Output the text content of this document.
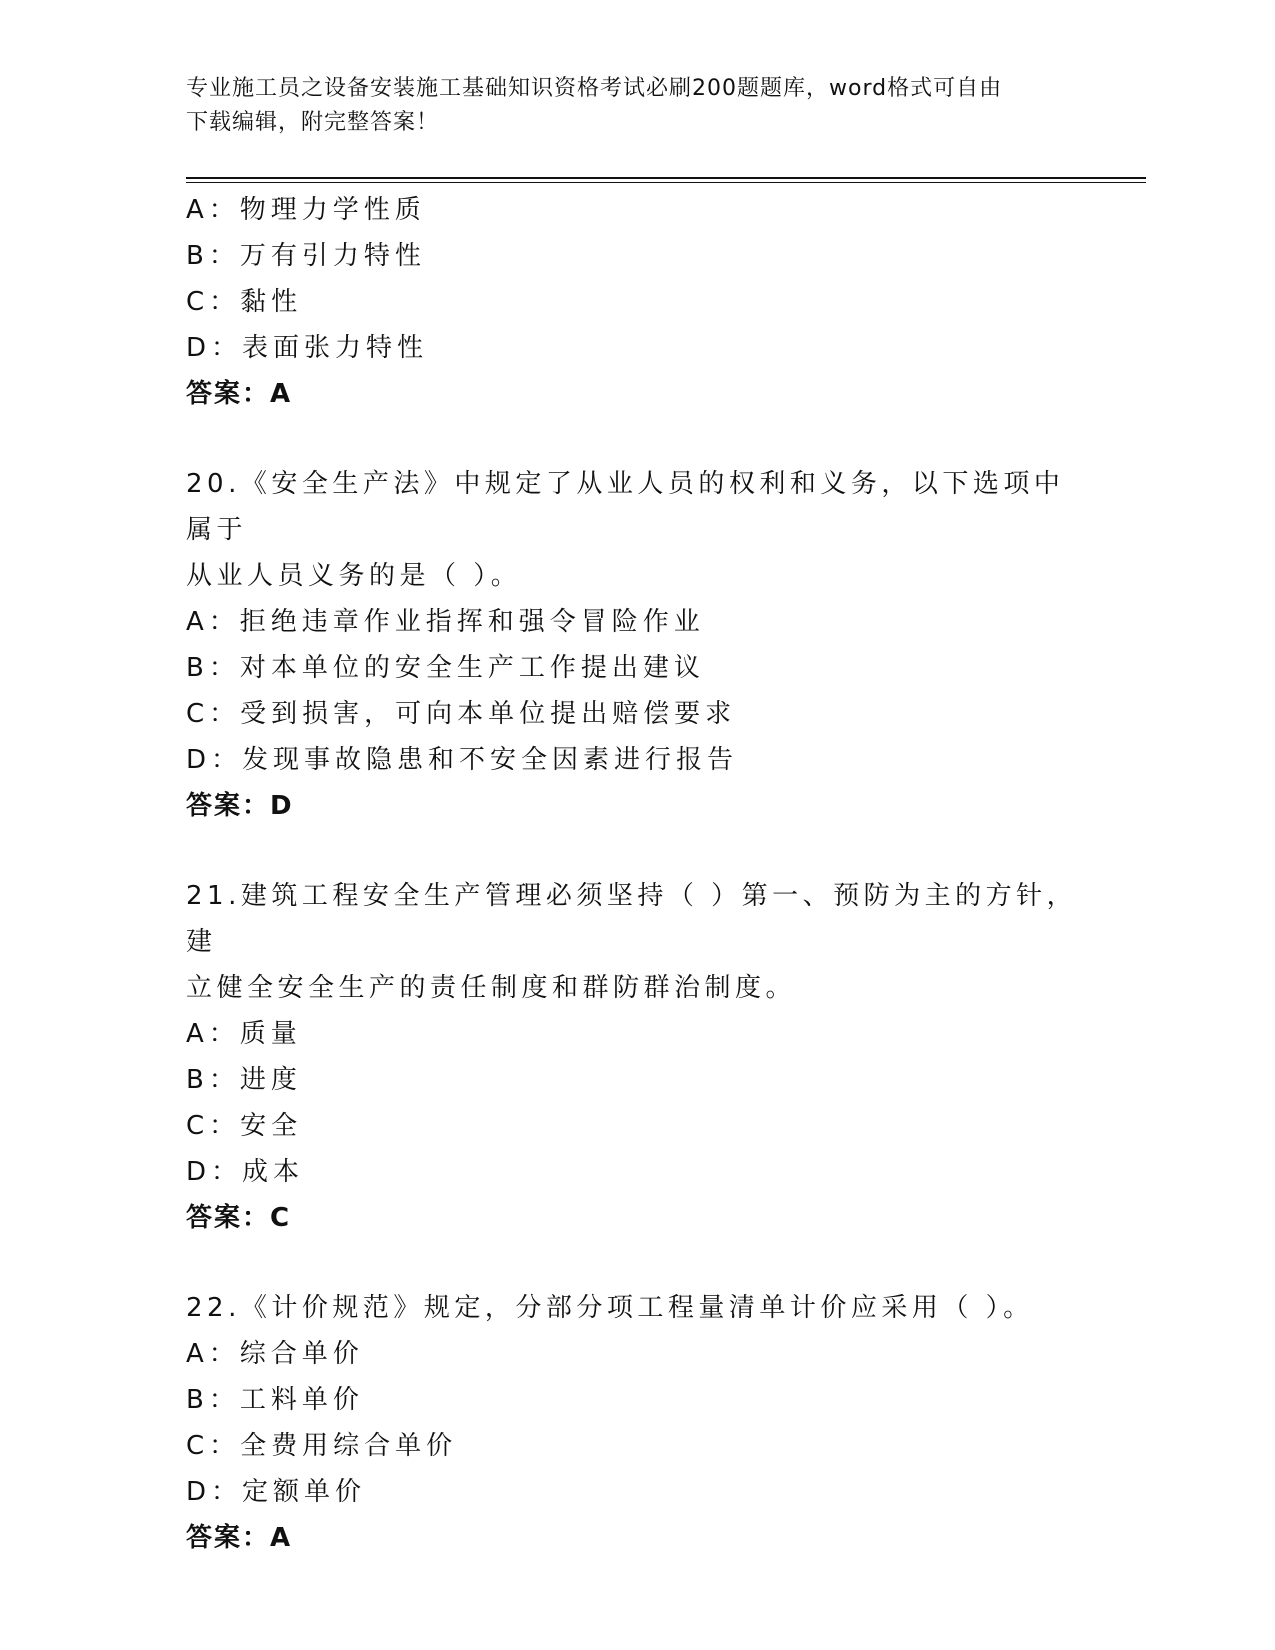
专业施工员之设备安装施工基础知识资格考试必刷200题题库，word格式可自由
下载编辑，附完整答案！
A：物理力学性质
B：万有引力特性
C：黏性
D：表面张力特性
答案：A
20.《安全生产法》中规定了从业人员的权利和义务，以下选项中属于
从业人员义务的是（ ）。
A：拒绝违章作业指挥和强令冒险作业
B：对本单位的安全生产工作提出建议
C：受到损害，可向本单位提出赔偿要求
D：发现事故隐患和不安全因素进行报告
答案：D
21.建筑工程安全生产管理必须坚持（ ）第一、预防为主的方针，建
立健全安全生产的责任制度和群防群治制度。
A：质量
B：进度
C：安全
D：成本
答案：C
22.《计价规范》规定，分部分项工程量清单计价应采用（ ）。
A：综合单价
B：工料单价
C：全费用综合单价
D：定额单价
答案：A
